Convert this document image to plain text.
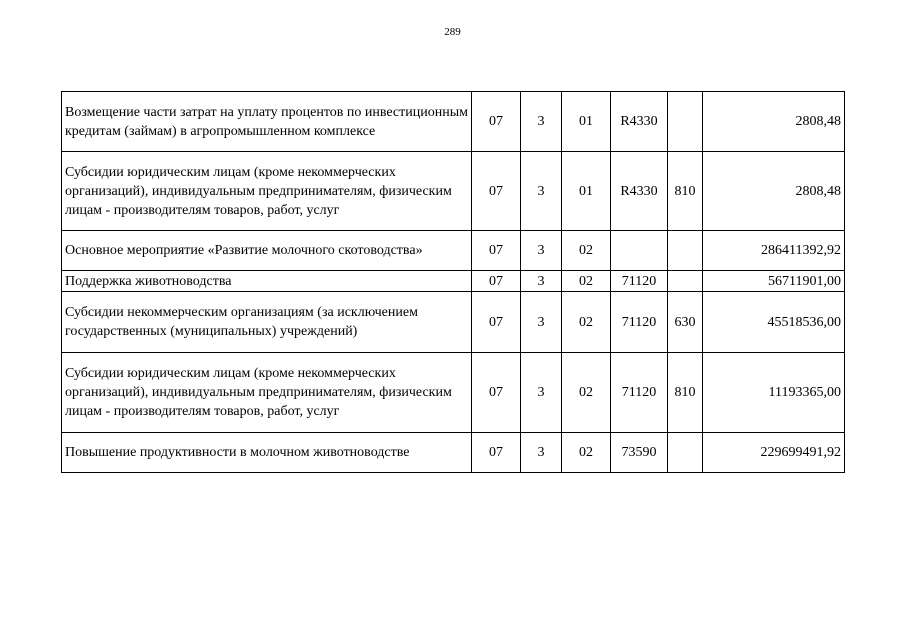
289
Возмещение части затрат на уплату процентов по инвестиционным кредитам (займам) в агропромышленном комплексе	07	3	01	R4330		2808,48
Субсидии юридическим лицам (кроме некоммерческих организаций), индивидуальным предпринимателям, физическим лицам - производителям товаров, работ, услуг	07	3	01	R4330	810	2808,48
Основное мероприятие «Развитие молочного скотоводства»	07	3	02			286411392,92
Поддержка животноводства	07	3	02	71120		56711901,00
Субсидии некоммерческим организациям (за исключением государственных (муниципальных) учреждений)	07	3	02	71120	630	45518536,00
Субсидии юридическим лицам (кроме некоммерческих организаций), индивидуальным предпринимателям, физическим лицам - производителям товаров, работ, услуг	07	3	02	71120	810	11193365,00
Повышение продуктивности в молочном животноводстве	07	3	02	73590		229699491,92
